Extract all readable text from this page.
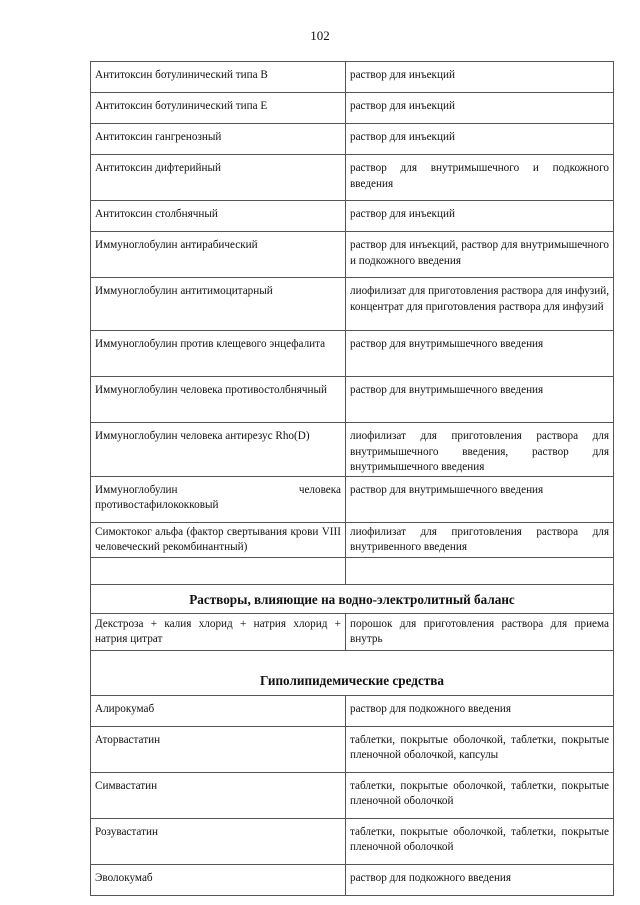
102
Антитоксин ботулинический типа В	раствор для инъекций
Антитоксин ботулинический типа Е	раствор для инъекций
Антитоксин гангренозный	раствор для инъекций
Антитоксин дифтерийный	раствор для внутримышечного и подкожного введения
Антитоксин столбнячный	раствор для инъекций
Иммуноглобулин антирабический	раствор для инъекций, раствор для внутримышечного и подкожного введения
Иммуноглобулин антитимоцитарный	лиофилизат для приготовления раствора для инфузий, концентрат для приготовления раствора для инфузий
Иммуноглобулин против клещевого энцефалита	раствор для внутримышечного введения
Иммуноглобулин человека противостолбнячный	раствор для внутримышечного введения
Иммуноглобулин человека антирезус Rho(D)	лиофилизат для приготовления раствора для внутримышечного введения, раствор для внутримышечного введения
Иммуноглобулин человека противостафилококковый	раствор для внутримышечного введения
Симоктоког альфа (фактор свертывания крови VIII человеческий рекомбинантный)	лиофилизат для приготовления раствора для внутривенного введения

Растворы, влияющие на водно-электролитный баланс	
Декстроза + калия хлорид + натрия хлорид + натрия цитрат	порошок для приготовления раствора для приема внутрь
Гиполипидемические средства	
Алирокумаб	раствор для подкожного введения
Аторвастатин	таблетки, покрытые оболочкой, таблетки, покрытые пленочной оболочкой, капсулы
Симвастатин	таблетки, покрытые оболочкой, таблетки, покрытые пленочной оболочкой
Розувастатин	таблетки, покрытые оболочкой, таблетки, покрытые пленочной оболочкой
Эволокумаб	раствор для подкожного введения
